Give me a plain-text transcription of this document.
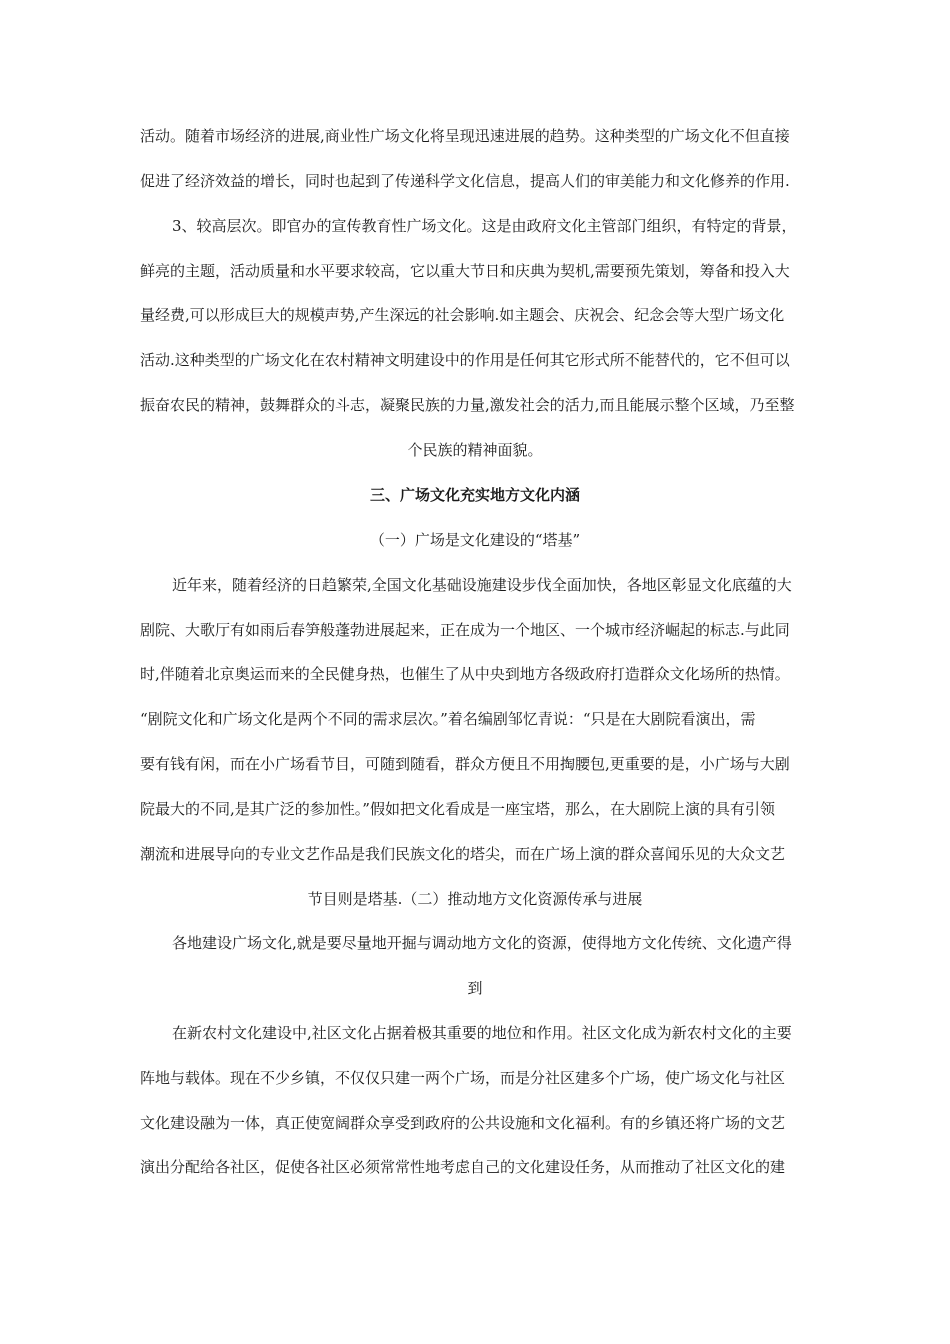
活动。随着市场经济的进展,商业性广场文化将呈现迅速进展的趋势。这种类型的广场文化不但直接
促进了经济效益的增长，同时也起到了传递科学文化信息，提高人们的审美能力和文化修养的作用.
3、较高层次。即官办的宣传教育性广场文化。这是由政府文化主管部门组织，有特定的背景，
鲜亮的主题，活动质量和水平要求较高，它以重大节日和庆典为契机,需要预先策划，筹备和投入大
量经费,可以形成巨大的规模声势,产生深远的社会影响.如主题会、庆祝会、纪念会等大型广场文化
活动.这种类型的广场文化在农村精神文明建设中的作用是任何其它形式所不能替代的，它不但可以
振奋农民的精神，鼓舞群众的斗志，凝聚民族的力量,激发社会的活力,而且能展示整个区域，乃至整
个民族的精神面貌。
三、广场文化充实地方文化内涵
（一）广场是文化建设的“塔基”
近年来，随着经济的日趋繁荣,全国文化基础设施建设步伐全面加快，各地区彰显文化底蕴的大
剧院、大歌厅有如雨后春笋般蓬勃进展起来，正在成为一个地区、一个城市经济崛起的标志.与此同
时,伴随着北京奥运而来的全民健身热，也催生了从中央到地方各级政府打造群众文化场所的热情。
“剧院文化和广场文化是两个不同的需求层次。”着名编剧邹忆青说：“只是在大剧院看演出，需
要有钱有闲，而在小广场看节目，可随到随看，群众方便且不用掏腰包,更重要的是，小广场与大剧
院最大的不同,是其广泛的参加性。”假如把文化看成是一座宝塔，那么，在大剧院上演的具有引领
潮流和进展导向的专业文艺作品是我们民族文化的塔尖，而在广场上演的群众喜闻乐见的大众文艺
节目则是塔基.（二）推动地方文化资源传承与进展
各地建设广场文化,就是要尽量地开掘与调动地方文化的资源，使得地方文化传统、文化遗产得
到
在新农村文化建设中,社区文化占据着极其重要的地位和作用。社区文化成为新农村文化的主要
阵地与载体。现在不少乡镇，不仅仅只建一两个广场，而是分社区建多个广场，使广场文化与社区
文化建设融为一体，真正使宽阔群众享受到政府的公共设施和文化福利。有的乡镇还将广场的文艺
演出分配给各社区，促使各社区必须常常性地考虑自己的文化建设任务，从而推动了社区文化的建
